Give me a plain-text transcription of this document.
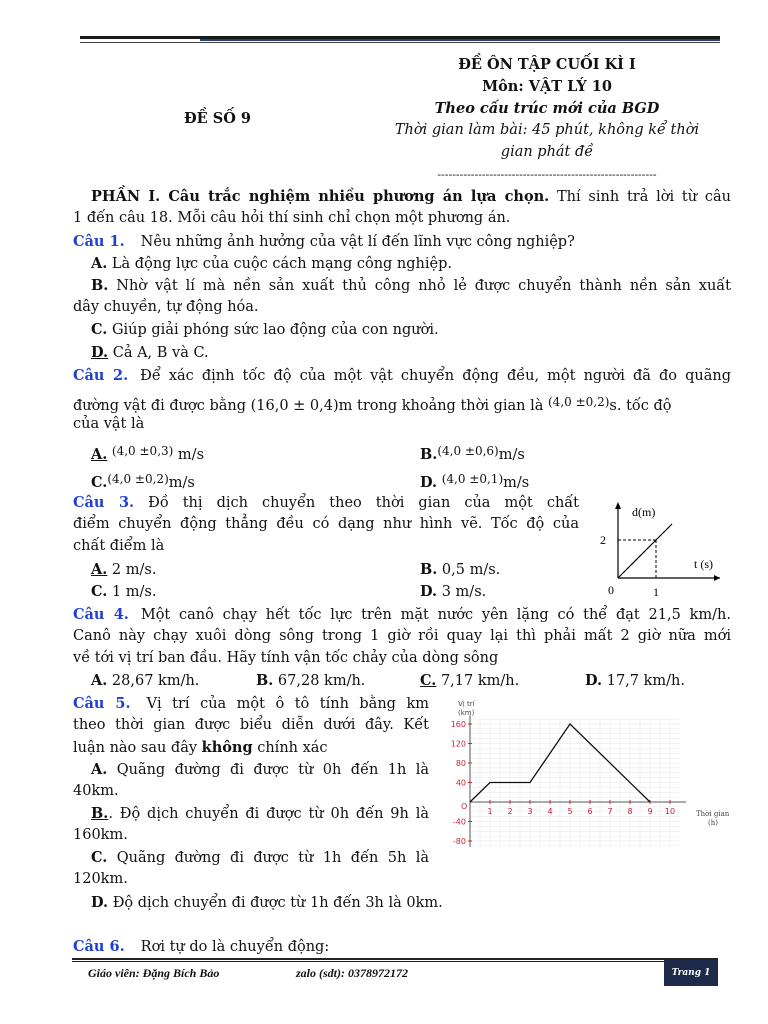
ĐỀ ÔN TẬP CUỐI KÌ I
Môn: VẬT LÝ 10
Theo cấu trúc mới của BGD
Thời gian làm bài: 45 phút, không kể thời
gian phát đề
-----------------------------------------------------------
ĐỀ SỐ 9
PHẦN I. Câu trắc nghiệm nhiều phương án lựa chọn. Thí sinh trả lời từ câu
1 đến câu 18. Mỗi câu hỏi thí sinh chỉ chọn một phương án.
Câu 1. Nêu những ảnh hưởng của vật lí đến lĩnh vực công nghiệp?
A. Là động lực của cuộc cách mạng công nghiệp.
B. Nhờ vật lí mà nền sản xuất thủ công nhỏ lẻ được chuyển thành nền sản xuất
dây chuyền, tự động hóa.
C. Giúp giải phóng sức lao động của con người.
D. Cả A, B và C.
Câu 2. Để xác định tốc độ của một vật chuyển động đều, một người đã đo quãng
đường vật đi được bằng (16,0 ± 0,4)m trong khoảng thời gian là $^{(4,0 \pm 0,2)}$s. tốc độ
của vật là
A. $^{(4,0 \pm 0,3)}$ m/s	B.$^{(4,0 \pm 0,6)}$m/s
C.$^{(4,0 \pm 0,2)}$m/s	D. $^{(4,0 \pm 0,1)}$m/s
Câu 3. Đồ thị dịch chuyển theo thời gian của một chất
điểm chuyển động thẳng đều có dạng như hình vẽ. Tốc độ của
chất điểm là
A. 2 m/s.	B. 0,5 m/s.
C. 1 m/s.	D. 3 m/s.
d(m)
t (s)
2
0	1
Câu 4. Một canô chạy hết tốc lực trên mặt nước yên lặng có thể đạt 21,5 km/h.
Canô này chạy xuôi dòng sông trong 1 giờ rồi quay lại thì phải mất 2 giờ nữa mới
về tới vị trí ban đầu. Hãy tính vận tốc chảy của dòng sông
A. 28,67 km/h.	B. 67,28 km/h.	C. 7,17 km/h.	D. 17,7 km/h.
Câu 5. Vị trí của một ô tô tính bằng km
theo thời gian được biểu diễn dưới đây. Kết
luận nào sau đây không chính xác
A. Quãng đường đi được từ 0h đến 1h là
40km.
B.. Độ dịch chuyển đi được từ 0h đến 9h là
160km.
C. Quãng đường đi được từ 1h đến 5h là
120km.
D. Độ dịch chuyển đi được từ 1h đến 3h là 0km.
160
120
80
40
-40
-80
1 2 3 4 5 6 7 8 9 10
Vị trí
(km)
Thời gian
(h)
O
Câu 6. Rơi tự do là chuyển động:
Giáo viên: Đặng Bích Bảo	zalo (sdt): 0378972172	Trang 1
